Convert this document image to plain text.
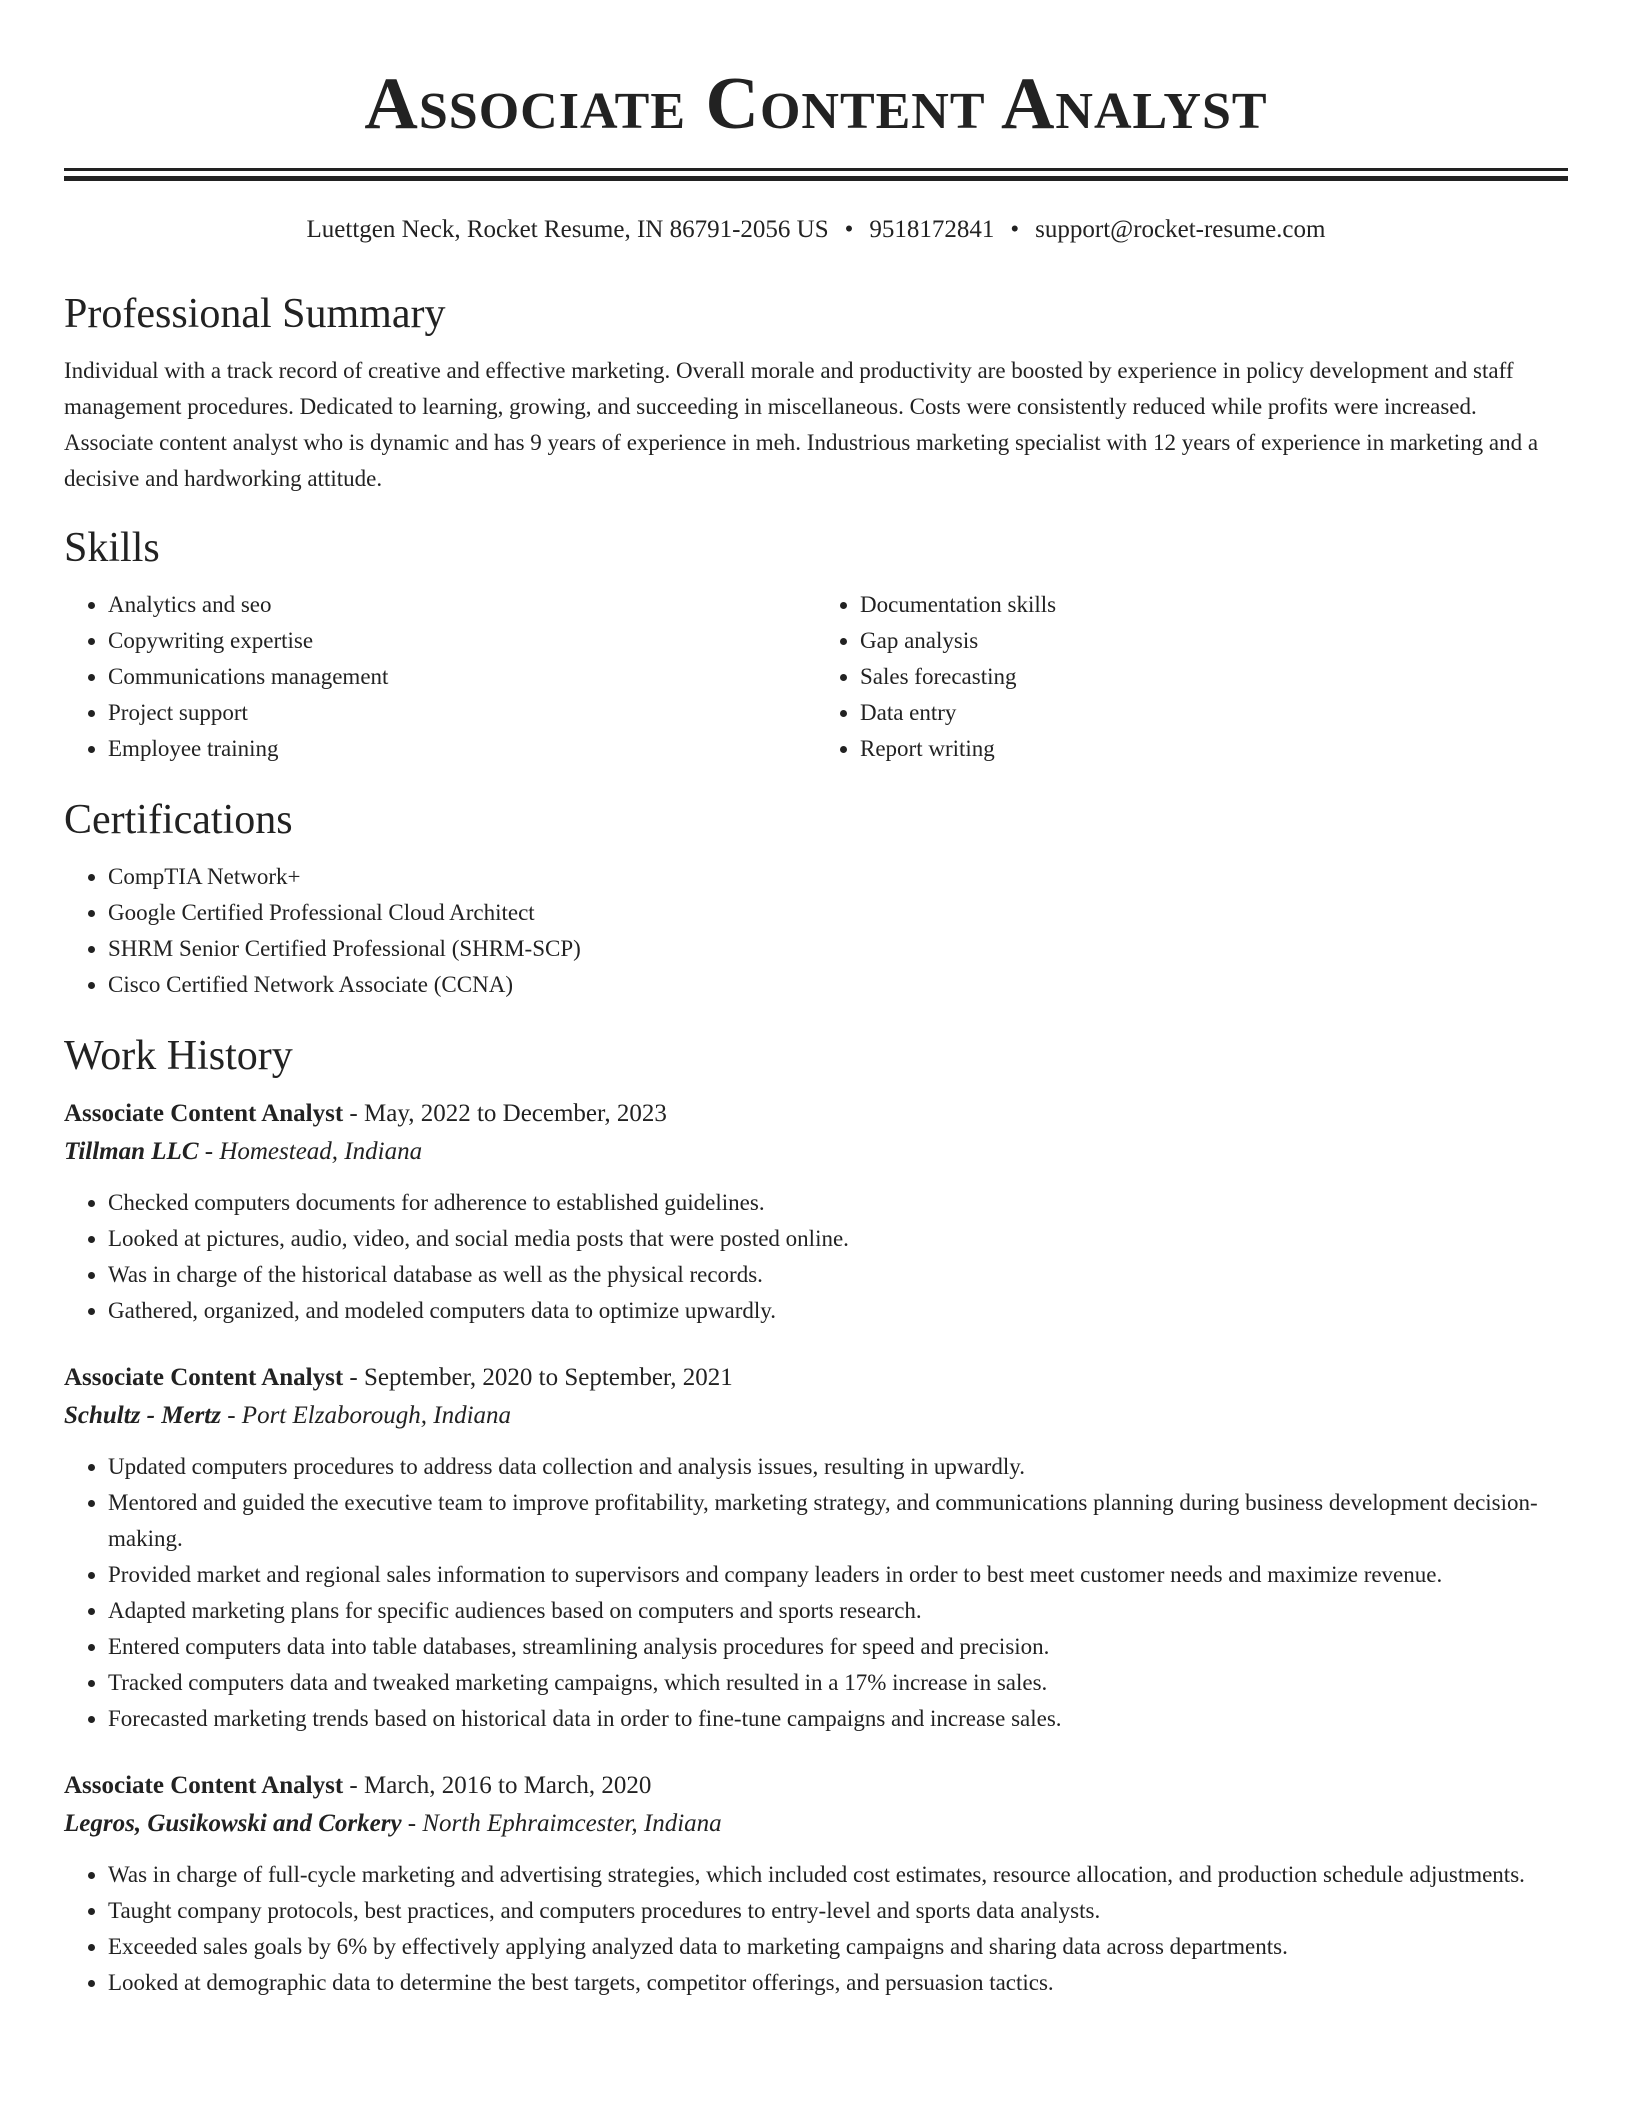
Associate Content Analyst
Luettgen Neck, Rocket Resume, IN 86791-2056 US • 9518172841 • support@rocket-resume.com
Professional Summary

Individual with a track record of creative and effective marketing. Overall morale and productivity are boosted by experience in policy development and staff management procedures. Dedicated to learning, growing, and succeeding in miscellaneous. Costs were consistently reduced while profits were increased. Associate content analyst who is dynamic and has 9 years of experience in meh. Industrious marketing specialist with 12 years of experience in marketing and a decisive and hardworking attitude.

Skills
• Analytics and seo
• Copywriting expertise
• Communications management
• Project support
• Employee training
• Documentation skills
• Gap analysis
• Sales forecasting
• Data entry
• Report writing
Certifications
• CompTIA Network+
• Google Certified Professional Cloud Architect
• SHRM Senior Certified Professional (SHRM-SCP)
• Cisco Certified Network Associate (CCNA)
Work History
Associate Content Analyst - May, 2022 to December, 2023
Tillman LLC - Homestead, Indiana
• Checked computers documents for adherence to established guidelines.
• Looked at pictures, audio, video, and social media posts that were posted online.
• Was in charge of the historical database as well as the physical records.
• Gathered, organized, and modeled computers data to optimize upwardly.
Associate Content Analyst - September, 2020 to September, 2021
Schultz - Mertz - Port Elzaborough, Indiana
• Updated computers procedures to address data collection and analysis issues, resulting in upwardly.
• Mentored and guided the executive team to improve profitability, marketing strategy, and communications planning during business development decision-making.
• Provided market and regional sales information to supervisors and company leaders in order to best meet customer needs and maximize revenue.
• Adapted marketing plans for specific audiences based on computers and sports research.
• Entered computers data into table databases, streamlining analysis procedures for speed and precision.
• Tracked computers data and tweaked marketing campaigns, which resulted in a 17% increase in sales.
• Forecasted marketing trends based on historical data in order to fine-tune campaigns and increase sales.
Associate Content Analyst - March, 2016 to March, 2020
Legros, Gusikowski and Corkery - North Ephraimcester, Indiana
• Was in charge of full-cycle marketing and advertising strategies, which included cost estimates, resource allocation, and production schedule adjustments.
• Taught company protocols, best practices, and computers procedures to entry-level and sports data analysts.
• Exceeded sales goals by 6% by effectively applying analyzed data to marketing campaigns and sharing data across departments.
• Looked at demographic data to determine the best targets, competitor offerings, and persuasion tactics.
